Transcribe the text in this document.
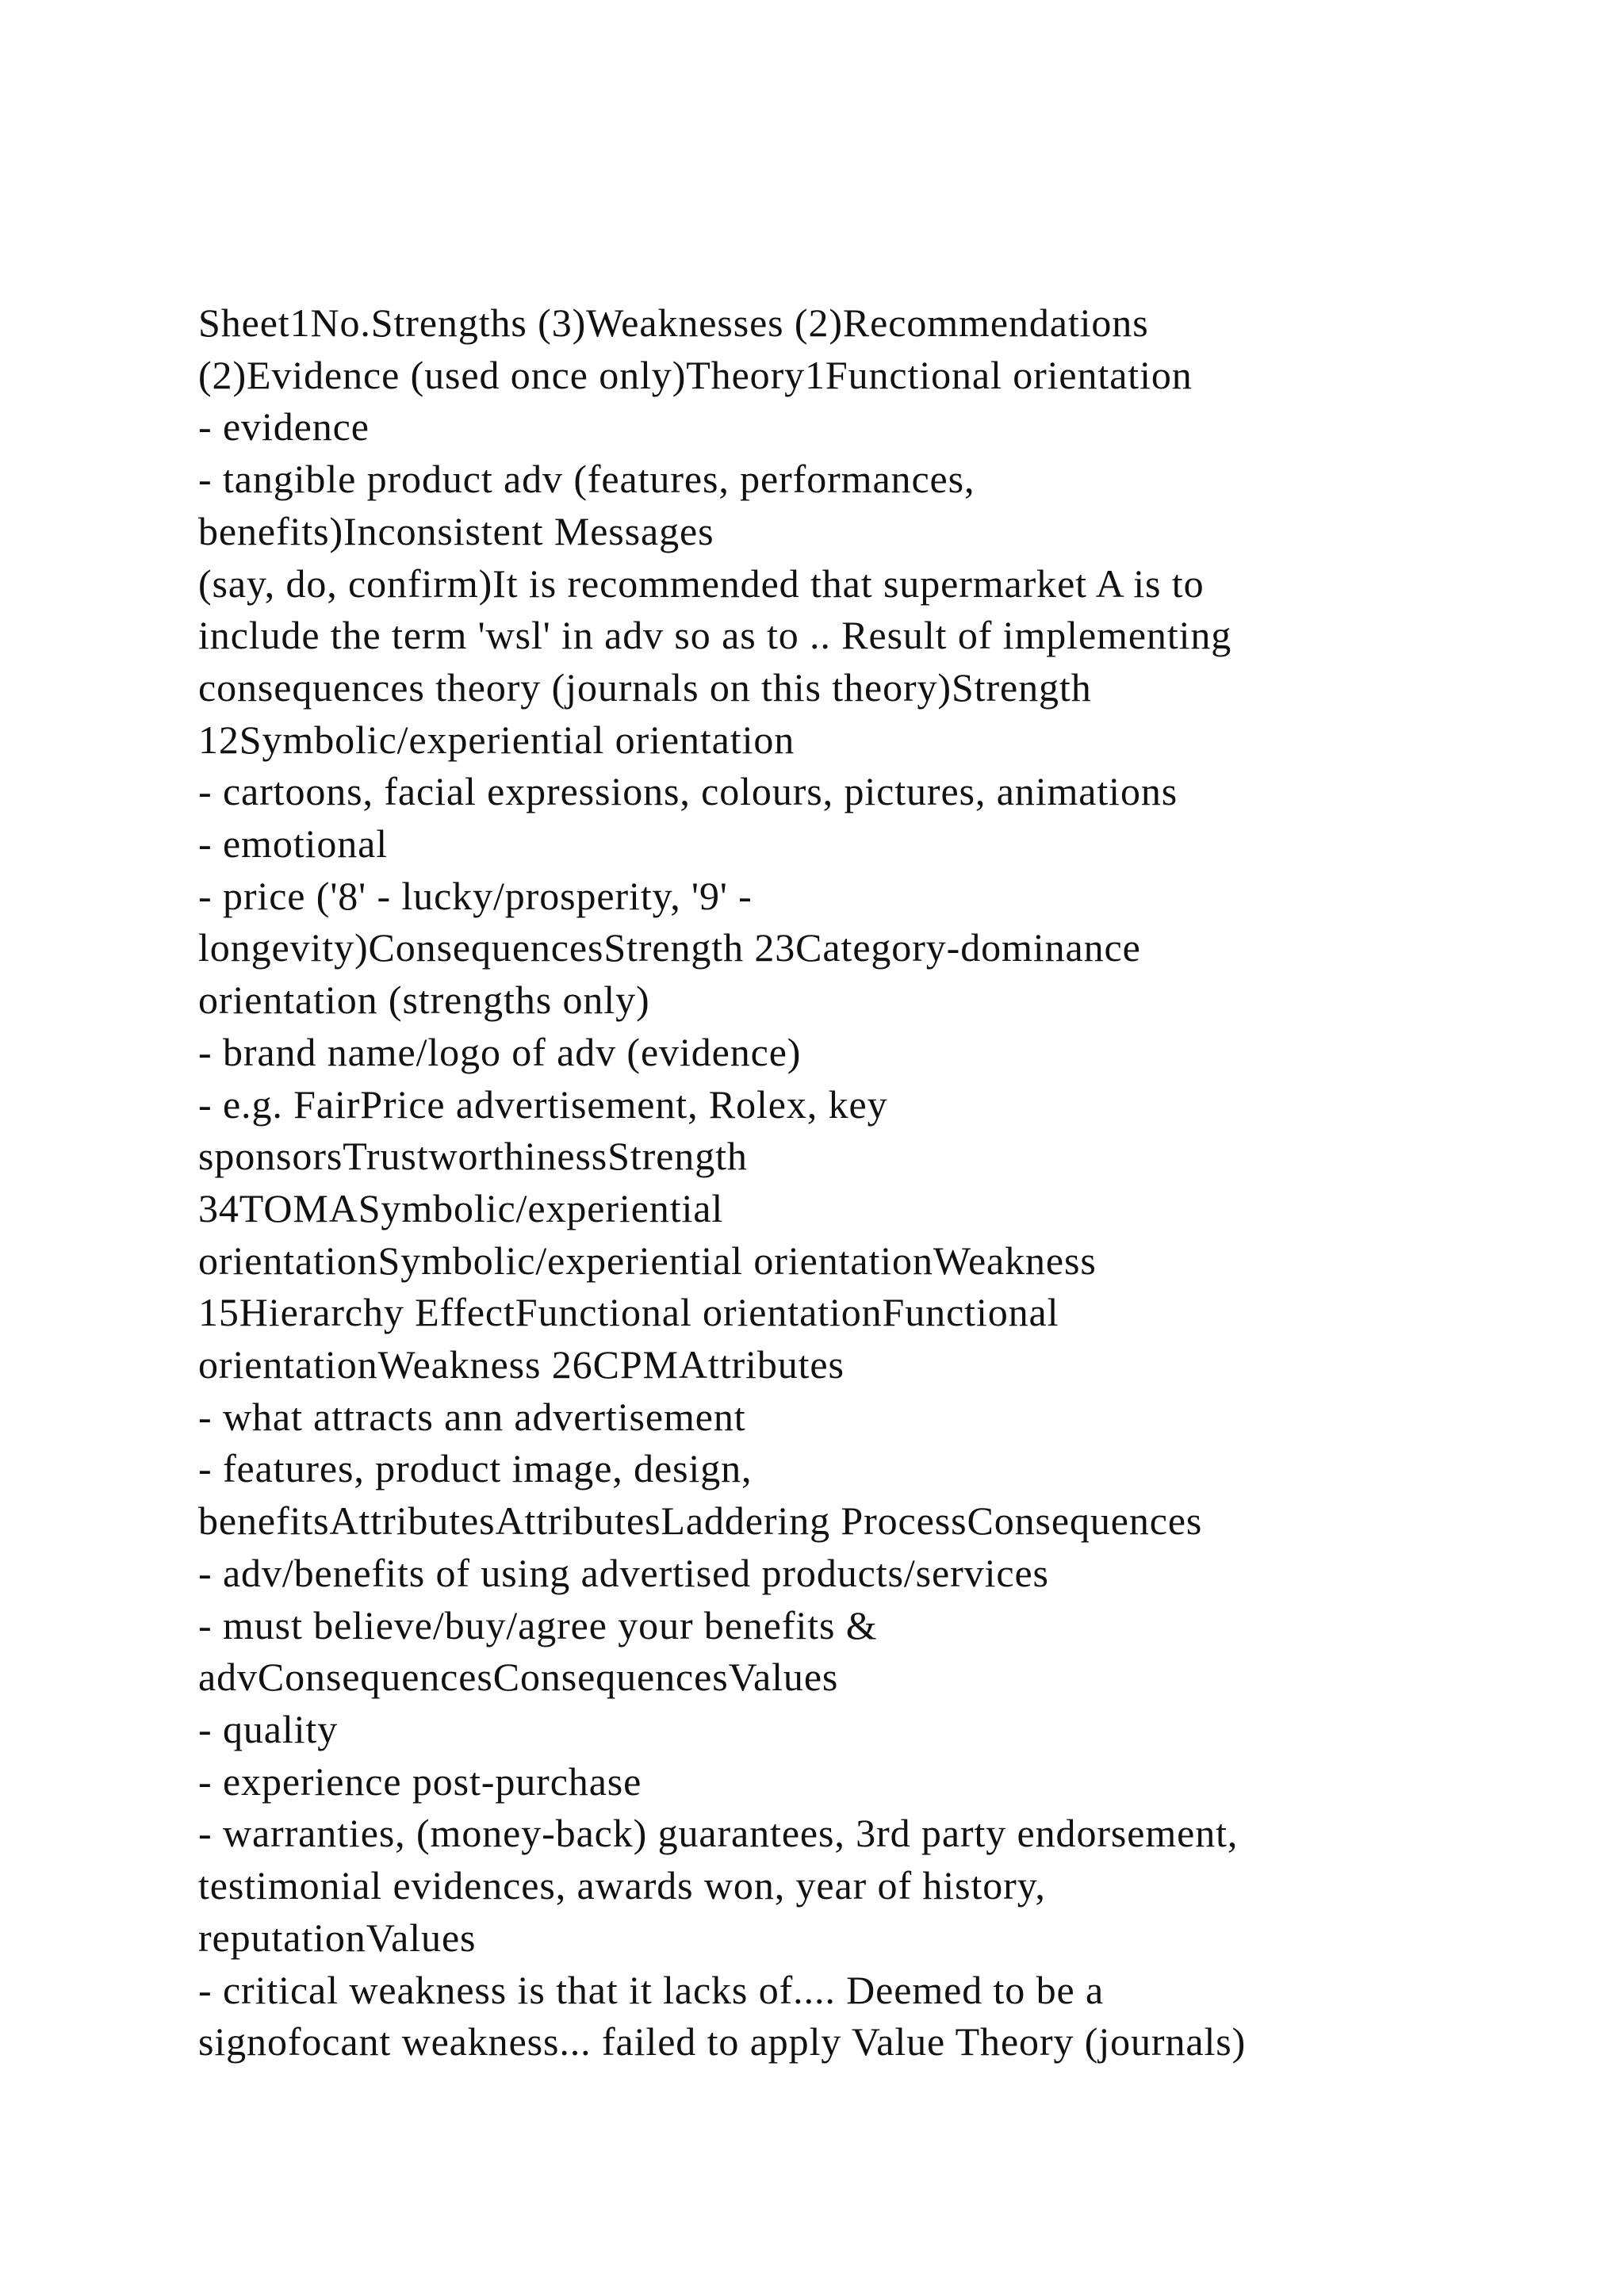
Sheet1No.Strengths (3)Weaknesses (2)Recommendations
(2)Evidence (used once only)Theory1Functional orientation
- evidence
- tangible product adv (features, performances,
benefits)Inconsistent Messages
(say, do, confirm)It is recommended that supermarket A is to
include the term 'wsl' in adv so as to .. Result of implementing
consequences theory (journals on this theory)Strength
12Symbolic/experiential orientation
- cartoons, facial expressions, colours, pictures, animations
- emotional
- price ('8' - lucky/prosperity, '9' -
longevity)ConsequencesStrength 23Category-dominance
orientation (strengths only)
- brand name/logo of adv (evidence)
- e.g. FairPrice advertisement, Rolex, key
sponsorsTrustworthinessStrength
34TOMASymbolic/experiential
orientationSymbolic/experiential orientationWeakness
15Hierarchy EffectFunctional orientationFunctional
orientationWeakness 26CPMAttributes
- what attracts ann advertisement
- features, product image, design,
benefitsAttributesAttributesLaddering ProcessConsequences
- adv/benefits of using advertised products/services
- must believe/buy/agree your benefits &
advConsequencesConsequencesValues
- quality
- experience post-purchase
- warranties, (money-back) guarantees, 3rd party endorsement,
testimonial evidences, awards won, year of history,
reputationValues
- critical weakness is that it lacks of.... Deemed to be a
signofocant weakness... failed to apply Value Theory (journals)
